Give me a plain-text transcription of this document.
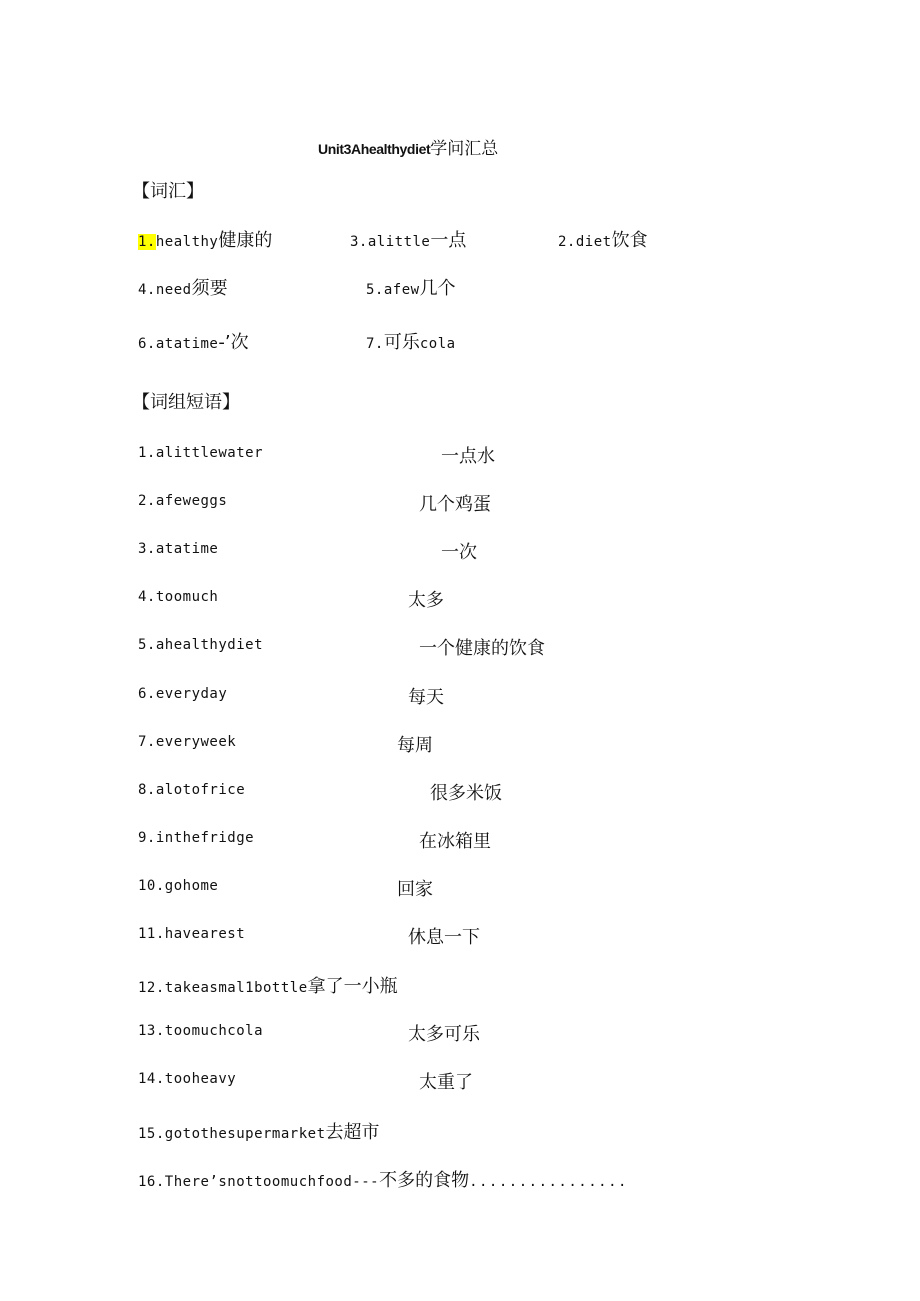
Unit3Ahealthydiet学问汇总
【词汇】
1.healthy健康的	3.alittle一点	2.diet饮食
4.need须要	5.afew几个
6.atatime-’次	7.可乐cola
【词组短语】
1.alittlewater	一点水
2.afeweggs	几个鸡蛋
3.atatime	一次
4.toomuch	太多
5.ahealthydiet	一个健康的饮食
6.everyday	每天
7.everyweek	每周
8.alotofrice	很多米饭
9.inthefridge	在冰箱里
10.gohome	回家
11.havearest	休息一下
12.takeasmal1bottle拿了一小瓶
13.toomuchcola	太多可乐
14.tooheavy	太重了
15.gotothesupermarket去超市
16.There’snottoomuchfood---不多的食物................
